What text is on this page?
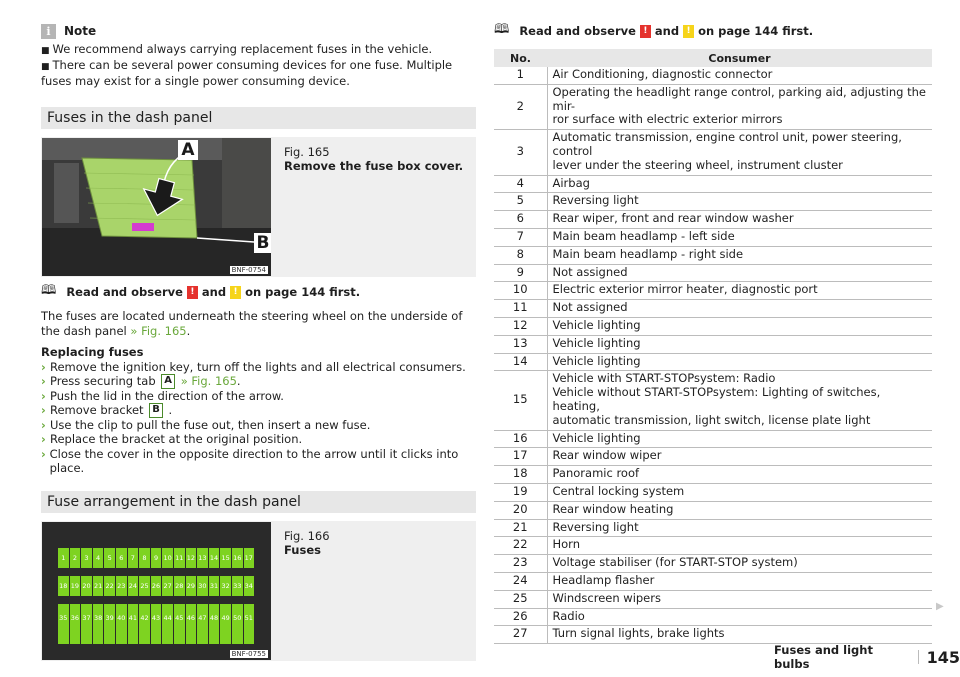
i	Note
■ We recommend always carrying replacement fuses in the vehicle.
■ There can be several power consuming devices for one fuse. Multiple fuses may exist for a single power consuming device.
Fuses in the dash panel
A
B
BNF-0754
Fig. 165
Remove the fuse box cover.
🕮 Read and observe ! and ! on page 144 first.
The fuses are located underneath the steering wheel on the underside of the dash panel » Fig. 165.
Replacing fuses
› Remove the ignition key, turn off the lights and all electrical consumers.
› Press securing tab
A
» Fig. 165 .
› Push the lid in the direction of the arrow.
› Remove bracket
B
.
› Use the clip to pull the fuse out, then insert a new fuse.
› Replace the bracket at the original position.
› Close the cover in the opposite direction to the arrow until it clicks into place.
Fuse arrangement in the dash panel
1	2	3	4	5	6	7	8	9 10 11 12 13 14 15 16 17
18 19 20 21 22 23 24 25 26 27 28 29 30 31 32 33 34
35 36 37 38 39 40 41 42 43 44 45 46 47 48 49 50 51
BNF-0755
Fig. 166
Fuses
🕮 Read and observe ! and ! on page 144 first.
No.	Consumer
1	Air Conditioning, diagnostic connector

2	Operating the headlight range control, parking aid, adjusting the mir-
ror surface with electric exterior mirrors

3	Automatic transmission, engine control unit, power steering, control
lever under the steering wheel, instrument cluster

4	Airbag

5	Reversing light

6	Rear wiper, front and rear window washer

7	Main beam headlamp - left side

8	Main beam headlamp - right side

9	Not assigned

10	Electric exterior mirror heater, diagnostic port

11	Not assigned

12	Vehicle lighting

13	Vehicle lighting

14	Vehicle lighting

15	Vehicle with START-STOPsystem: Radio
Vehicle without START-STOPsystem: Lighting of switches, heating,
automatic transmission, light switch, license plate light

16	Vehicle lighting

17	Rear window wiper

18	Panoramic roof

19	Central locking system

20	Rear window heating

21	Reversing light

22	Horn

23	Voltage stabiliser (for START-STOP system)

24	Headlamp flasher

25	Windscreen wipers

26	Radio

27	Turn signal lights, brake lights
▶
Fuses and light bulbs	145
